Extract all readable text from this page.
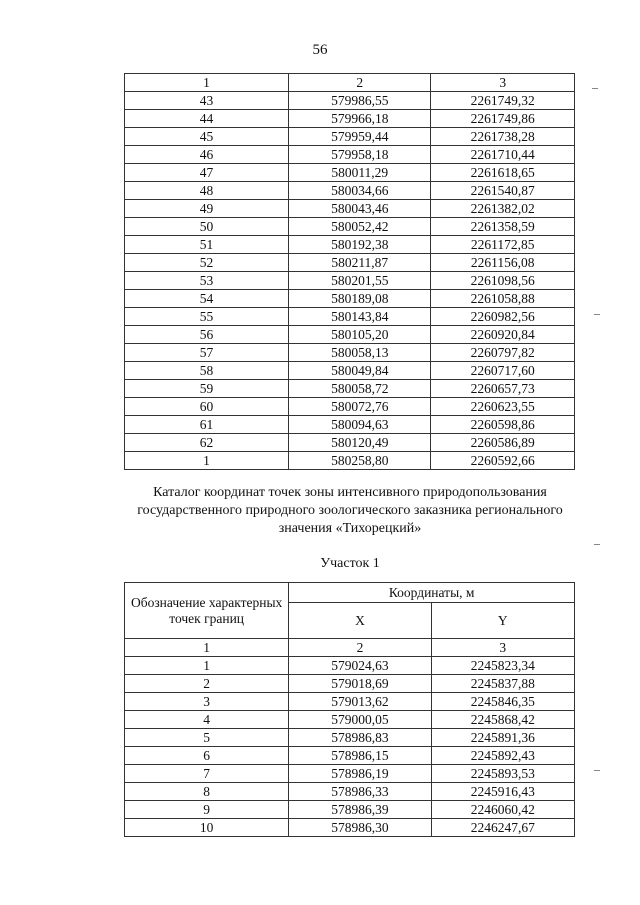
56
1	2	3
43	579986,55	2261749,32
44	579966,18	2261749,86
45	579959,44	2261738,28
46	579958,18	2261710,44
47	580011,29	2261618,65
48	580034,66	2261540,87
49	580043,46	2261382,02
50	580052,42	2261358,59
51	580192,38	2261172,85
52	580211,87	2261156,08
53	580201,55	2261098,56
54	580189,08	2261058,88
55	580143,84	2260982,56
56	580105,20	2260920,84
57	580058,13	2260797,82
58	580049,84	2260717,60
59	580058,72	2260657,73
60	580072,76	2260623,55
61	580094,63	2260598,86
62	580120,49	2260586,89
1	580258,80	2260592,66
Каталог координат точек зоны интенсивного природопользования
государственного природного зоологического заказника регионального
значения «Тихорецкий»
Участок 1
Обозначение характерных точек границ	Координаты, м	
	X	Y
1	2	3
1	579024,63	2245823,34
2	579018,69	2245837,88
3	579013,62	2245846,35
4	579000,05	2245868,42
5	578986,83	2245891,36
6	578986,15	2245892,43
7	578986,19	2245893,53
8	578986,33	2245916,43
9	578986,39	2246060,42
10	578986,30	2246247,67
–
–
–
–
